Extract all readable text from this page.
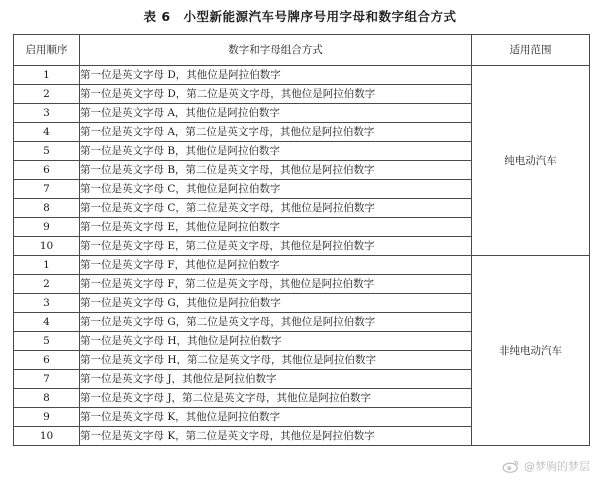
表 6　小型新能源汽车号牌序号用字母和数字组合方式
启用顺序	数字和字母组合方式	适用范围
1	第一位是英文字母 D，其他位是阿拉伯数字	纯电动汽车
2	第一位是英文字母 D，第二位是英文字母，其他位是阿拉伯数字	
3	第一位是英文字母 A，其他位是阿拉伯数字	
4	第一位是英文字母 A，第二位是英文字母，其他位是阿拉伯数字	
5	第一位是英文字母 B，其他位是阿拉伯数字	
6	第一位是英文字母 B，第二位是英文字母，其他位是阿拉伯数字	
7	第一位是英文字母 C，其他位是阿拉伯数字	
8	第一位是英文字母 C，第二位是英文字母，其他位是阿拉伯数字	
9	第一位是英文字母 E，其他位是阿拉伯数字	
10	第一位是英文字母 E，第二位是英文字母，其他位是阿拉伯数字	
1	第一位是英文字母 F，其他位是阿拉伯数字	非纯电动汽车
2	第一位是英文字母 F，第二位是英文字母，其他位是阿拉伯数字	
3	第一位是英文字母 G，其他位是阿拉伯数字	
4	第一位是英文字母 G，第二位是英文字母，其他位是阿拉伯数字	
5	第一位是英文字母 H，其他位是阿拉伯数字	
6	第一位是英文字母 H，第二位是英文字母，其他位是阿拉伯数字	
7	第一位是英文字母 J，其他位是阿拉伯数字	
8	第一位是英文字母 J，第二位是英文字母，其他位是阿拉伯数字	
9	第一位是英文字母 K，其他位是阿拉伯数字	
10	第一位是英文字母 K，第二位是英文字母，其他位是阿拉伯数字	
@梦驹的梦层
